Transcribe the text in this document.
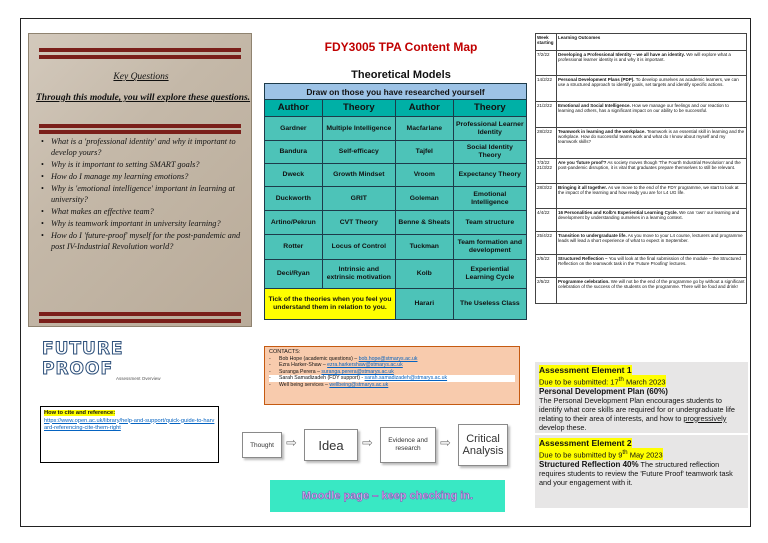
Key Questions
Through this module, you will explore these questions.
• What is a 'professional identity' and why it important to develop yours?
• Why is it important to setting SMART goals?
• How do I manage my learning emotions?
• Why is 'emotional intelligence' important in learning at university?
• What makes an effective team?
• Why is teamwork important in university learning?
• How do I 'future-proof' myself for the post-pandemic and post IV-Industrial Revolution world?
FDY3005 TPA Content Map
Theoretical Models
Draw on those you have researched yourself			
Author	Theory	Author	Theory
Gardner	Multiple Intelligence	Macfarlane	Professional Learner Identity
Bandura	Self-efficacy	Tajfel	Social Identity Theory
Dweck	Growth Mindset	Vroom	Expectancy Theory
Duckworth	GRIT	Goleman	Emotional Intelligence
Artino/Pekrun	CVT Theory	Benne & Sheats	Team structure
Rotter	Locus of Control	Tuckman	Team formation and development
Deci/Ryan	Intrinsic and extrinsic motivation	Kolb	Experiential Learning Cycle
Tick of the theories when you feel you understand them in relation to you.		Harari	The Useless Class
Week starting	Learning Outcomes
7/2/22	Developing a Professional Identity – we all have an identity. We will explore what a professional learner identity is and why it is important.
14/2/22	Personal Development Plans (PDP). To develop ourselves as academic learners, we can use a structured approach to identify goals, set targets and identify specific actions.
21/2/22	Emotional and Social Intelligence. How we manage our feelings and our reaction to learning and others, has a significant impact on our ability to be successful.
28/2/22	Teamwork in learning and the workplace. Teamwork is an essential skill in learning and the workplace. How do successful teams work and what do I know about myself and my teamwork skills?
7/3/22 21/3/22	Are you 'future proof'? As society moves though 'The Fourth Industrial Revolution' and the post-pandemic disruption, it is vital that graduates prepare themselves to still be relevant.
28/3/22	Bringing it all together. As we move to the end of the FDY programme, we start to look at the impact of the learning and how ready you are for L4 UG life.
4/4/22	16 Personalities and Kolb's Experiential Learning Cycle. We can 'own' our learning and development by understanding ourselves in a learning context.
25/4/22	Transition to undergraduate life. As you move to your L4 course, lecturers and programme leads will lead a short experience of what to expect in September.
2/5/22	Structured Reflection – You will look at the final submission of the module – the Structured Reflection on the teamwork task in the 'Future Proofing' lectures.
2/5/22	Programme celebration. We will not be the end of the programme go by without a significant celebration of the success of the students on the programme. There will be food and drink!
FUTURE PROOF Assessment Overview
How to cite and reference:
https://www.open.ac.uk/library/help-and-support/quick-guide-to-harvard-referencing-cite-them-right
CONTACTS:
- Bob Hope (academic questions) – bob.hope@stmarys.ac.uk
- Ezra Harker-Shaw – ezra.harkershaw@stmarys.ac.uk
- Suranga Perera – suranga.perera@stmarys.ac.uk
- Sarah Samadizadeh (FDY support) - sarah.samadizadeh@stmarys.ac.uk
- Well being services – wellbeing@stmarys.ac.uk
Thought ⇨	Idea	⇨	Evidence and research	⇨	Critical Analysis
Moodle page – keep checking in.
Assessment Element 1
Due to be submitted: 17th March 2023
Personal Development Plan (60%)
The Personal Development Plan encourages students to identify what core skills are required for or undergraduate life relating to their area of interests, and how to progressively develop these.
Assessment Element 2
Due to be submitted by 9th May 2023
Structured Reflection 40% The structured reflection requires students to review the 'Future Proof' teamwork task and your engagement with it.
